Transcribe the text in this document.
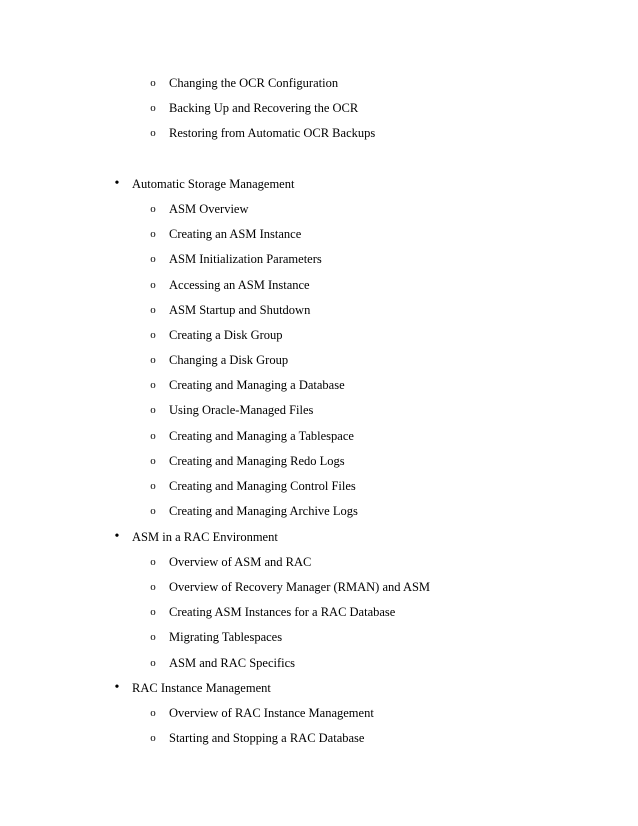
o Changing the OCR Configuration
o Backing Up and Recovering the OCR
o Restoring from Automatic OCR Backups
• Automatic Storage Management
o ASM Overview
o Creating an ASM Instance
o ASM Initialization Parameters
o Accessing an ASM Instance
o ASM Startup and Shutdown
o Creating a Disk Group
o Changing a Disk Group
o Creating and Managing a Database
o Using Oracle-Managed Files
o Creating and Managing a Tablespace
o Creating and Managing Redo Logs
o Creating and Managing Control Files
o Creating and Managing Archive Logs
• ASM in a RAC Environment
o Overview of ASM and RAC
o Overview of Recovery Manager (RMAN) and ASM
o Creating ASM Instances for a RAC Database
o Migrating Tablespaces
o ASM and RAC Specifics
• RAC Instance Management
o Overview of RAC Instance Management
o Starting and Stopping a RAC Database
